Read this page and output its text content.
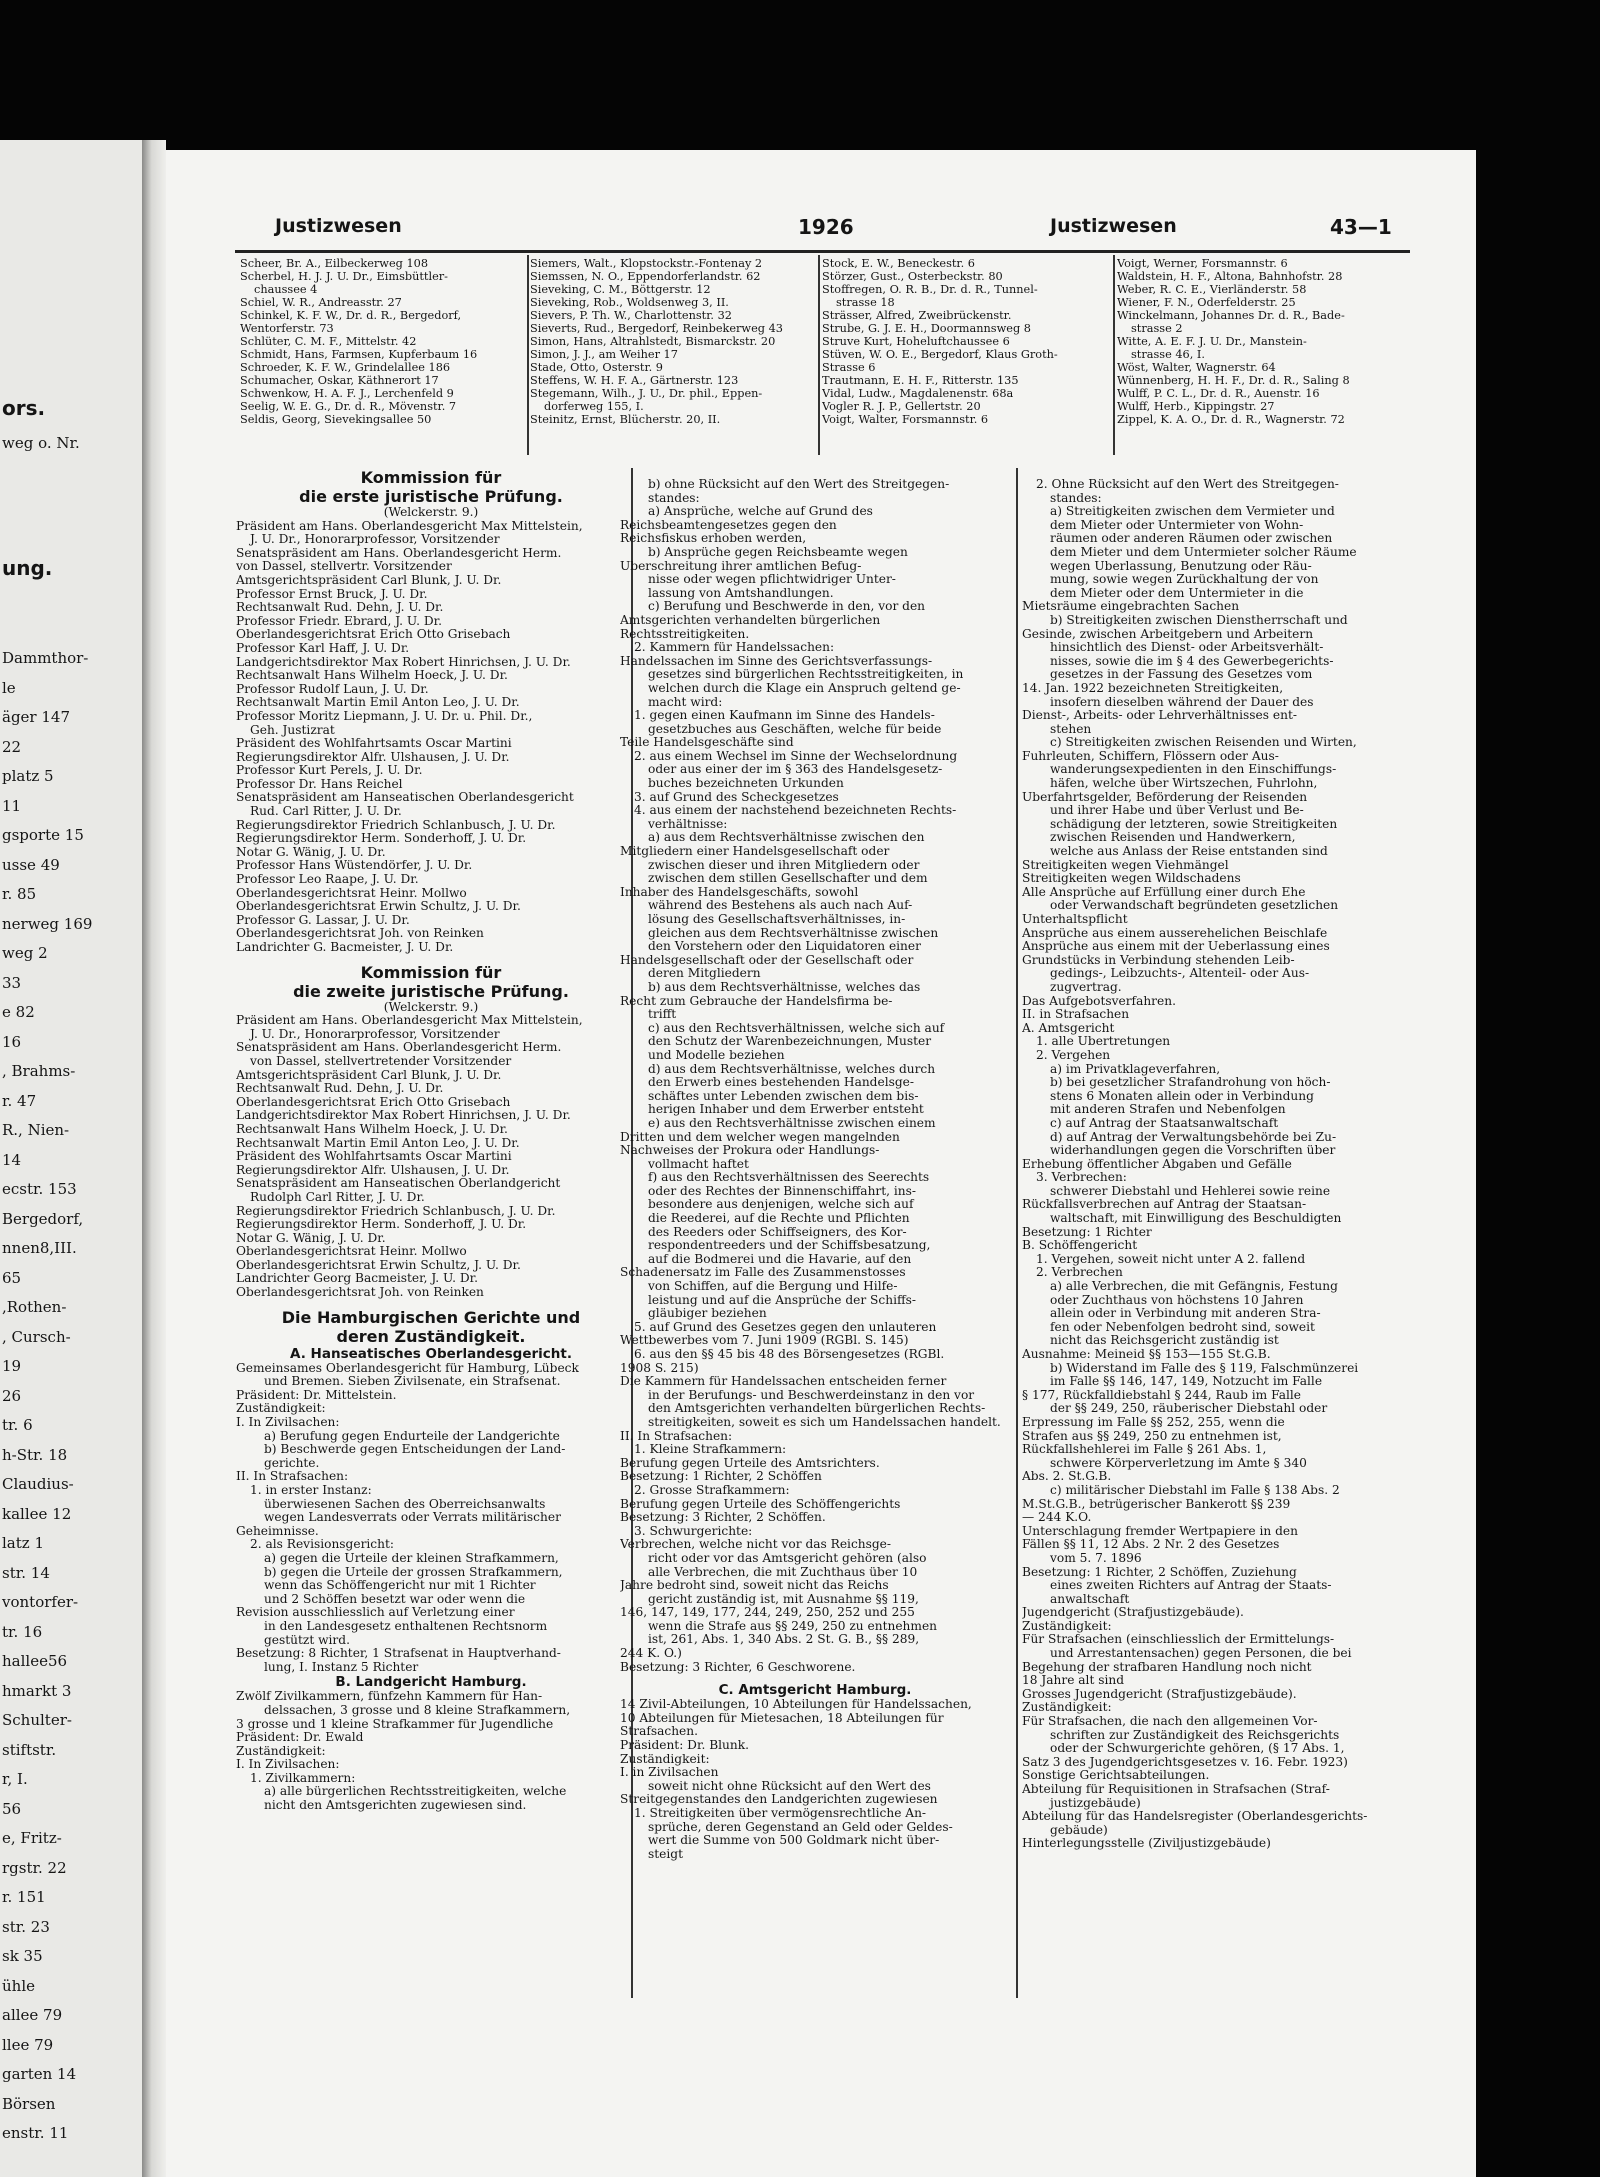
ors.
weg o. Nr.
ung.
Dammthor-
le
äger 147
22
platz 5
11
gsporte 15
usse 49
r. 85
nerweg 169
weg 2
33
e 82
16
, Brahms-
r. 47
R., Nien-
14
ecstr. 153
Bergedorf,
nnen8,III.
65
,Rothen-
, Cursch-
19
26
tr. 6
h-Str. 18
Claudius-
kallee 12
latz 1
str. 14
vontorfer-
tr. 16
hallee56
hmarkt 3
Schulter-
stiftstr.
r, I.
56
e, Fritz-
rgstr. 22
r. 151
str. 23
sk 35
ühle
allee 79
llee 79
garten 14
Börsen
enstr. 11
Justizwesen	1926	Justizwesen	43—1
Scheer, Br. A., Eilbeckerweg 108
Scherbel, H. J. J. U. Dr., Eimsbüttler-
chaussee 4
Schiel, W. R., Andreasstr. 27
Schinkel, K. F. W., Dr. d. R., Bergedorf,
Wentorferstr. 73
Schlüter, C. M. F., Mittelstr. 42
Schmidt, Hans, Farmsen, Kupferbaum 16
Schroeder, K. F. W., Grindelallee 186
Schumacher, Oskar, Käthnerort 17
Schwenkow, H. A. F. J., Lerchenfeld 9
Seelig, W. E. G., Dr. d. R., Mövenstr. 7
Seldis, Georg, Sievekingsallee 50
Siemers, Walt., Klopstockstr.-Fontenay 2
Siemssen, N. O., Eppendorferlandstr. 62
Sieveking, C. M., Böttgerstr. 12
Sieveking, Rob., Woldsenweg 3, II.
Sievers, P. Th. W., Charlottenstr. 32
Sieverts, Rud., Bergedorf, Reinbekerweg 43
Simon, Hans, Altrahlstedt, Bismarckstr. 20
Simon, J. J., am Weiher 17
Stade, Otto, Osterstr. 9
Steffens, W. H. F. A., Gärtnerstr. 123
Stegemann, Wilh., J. U., Dr. phil., Eppen-
dorferweg 155, I.
Steinitz, Ernst, Blücherstr. 20, II.
Stock, E. W., Beneckestr. 6
Störzer, Gust., Osterbeckstr. 80
Stoffregen, O. R. B., Dr. d. R., Tunnel-
strasse 18
Strässer, Alfred, Zweibrückenstr.
Strube, G. J. E. H., Doormannsweg 8
Struve Kurt, Hoheluftchaussee 6
Stüven, W. O. E., Bergedorf, Klaus Groth-
Strasse 6
Trautmann, E. H. F., Ritterstr. 135
Vidal, Ludw., Magdalenenstr. 68a
Vogler R. J. P., Gellertstr. 20
Voigt, Walter, Forsmannstr. 6
Voigt, Werner, Forsmannstr. 6
Waldstein, H. F., Altona, Bahnhofstr. 28
Weber, R. C. E., Vierländerstr. 58
Wiener, F. N., Oderfelderstr. 25
Winckelmann, Johannes Dr. d. R., Bade-
strasse 2
Witte, A. E. F. J. U. Dr., Manstein-
strasse 46, I.
Wöst, Walter, Wagnerstr. 64
Wünnenberg, H. H. F., Dr. d. R., Saling 8
Wulff, P. C. L., Dr. d. R., Auenstr. 16
Wulff, Herb., Kippingstr. 27
Zippel, K. A. O., Dr. d. R., Wagnerstr. 72
Kommission für
die erste juristische Prüfung.
(Welckerstr. 9.)
Präsident am Hans. Oberlandesgericht Max Mittelstein,
J. U. Dr., Honorarprofessor, Vorsitzender
Senatspräsident am Hans. Oberlandesgericht Herm.
von Dassel, stellvertr. Vorsitzender
Amtsgerichtspräsident Carl Blunk, J. U. Dr.
Professor Ernst Bruck, J. U. Dr.
Rechtsanwalt Rud. Dehn, J. U. Dr.
Professor Friedr. Ebrard, J. U. Dr.
Oberlandesgerichtsrat Erich Otto Grisebach
Professor Karl Haff, J. U. Dr.
Landgerichtsdirektor Max Robert Hinrichsen, J. U. Dr.
Rechtsanwalt Hans Wilhelm Hoeck, J. U. Dr.
Professor Rudolf Laun, J. U. Dr.
Rechtsanwalt Martin Emil Anton Leo, J. U. Dr.
Professor Moritz Liepmann, J. U. Dr. u. Phil. Dr.,
Geh. Justizrat
Präsident des Wohlfahrtsamts Oscar Martini
Regierungsdirektor Alfr. Ulshausen, J. U. Dr.
Professor Kurt Perels, J. U. Dr.
Professor Dr. Hans Reichel
Senatspräsident am Hanseatischen Oberlandesgericht
Rud. Carl Ritter, J. U. Dr.
Regierungsdirektor Friedrich Schlanbusch, J. U. Dr.
Regierungsdirektor Herm. Sonderhoff, J. U. Dr.
Notar G. Wänig, J. U. Dr.
Professor Hans Wüstendörfer, J. U. Dr.
Professor Leo Raape, J. U. Dr.
Oberlandesgerichtsrat Heinr. Mollwo
Oberlandesgerichtsrat Erwin Schultz, J. U. Dr.
Professor G. Lassar, J. U. Dr.
Oberlandesgerichtsrat Joh. von Reinken
Landrichter G. Bacmeister, J. U. Dr.
Kommission für
die zweite juristische Prüfung.
(Welckerstr. 9.)
Präsident am Hans. Oberlandesgericht Max Mittelstein,
J. U. Dr., Honorarprofessor, Vorsitzender
Senatspräsident am Hans. Oberlandesgericht Herm.
von Dassel, stellvertretender Vorsitzender
Amtsgerichtspräsident Carl Blunk, J. U. Dr.
Rechtsanwalt Rud. Dehn, J. U. Dr.
Oberlandesgerichtsrat Erich Otto Grisebach
Landgerichtsdirektor Max Robert Hinrichsen, J. U. Dr.
Rechtsanwalt Hans Wilhelm Hoeck, J. U. Dr.
Rechtsanwalt Martin Emil Anton Leo, J. U. Dr.
Präsident des Wohlfahrtsamts Oscar Martini
Regierungsdirektor Alfr. Ulshausen, J. U. Dr.
Senatspräsident am Hanseatischen Oberlandgericht
Rudolph Carl Ritter, J. U. Dr.
Regierungsdirektor Friedrich Schlanbusch, J. U. Dr.
Regierungsdirektor Herm. Sonderhoff, J. U. Dr.
Notar G. Wänig, J. U. Dr.
Oberlandesgerichtsrat Heinr. Mollwo
Oberlandesgerichtsrat Erwin Schultz, J. U. Dr.
Landrichter Georg Bacmeister, J. U. Dr.
Oberlandesgerichtsrat Joh. von Reinken
Die Hamburgischen Gerichte und
deren Zuständigkeit.
A. Hanseatisches Oberlandesgericht.
Gemeinsames Oberlandesgericht für Hamburg, Lübeck
und Bremen. Sieben Zivilsenate, ein Strafsenat.
Präsident: Dr. Mittelstein.
Zuständigkeit:
I. In Zivilsachen:
a) Berufung gegen Endurteile der Landgerichte
b) Beschwerde gegen Entscheidungen der Land-
gerichte.
II. In Strafsachen:
1. in erster Instanz:
überwiesenen Sachen des Oberreichsanwalts
wegen Landesverrats oder Verrats militärischer
Geheimnisse.
2. als Revisionsgericht:
a) gegen die Urteile der kleinen Strafkammern,
b) gegen die Urteile der grossen Strafkammern,
wenn das Schöffengericht nur mit 1 Richter
und 2 Schöffen besetzt war oder wenn die
Revision ausschliesslich auf Verletzung einer
in den Landesgesetz enthaltenen Rechtsnorm
gestützt wird.
Besetzung: 8 Richter, 1 Strafsenat in Hauptverhand-
lung, I. Instanz 5 Richter
B. Landgericht Hamburg.
Zwölf Zivilkammern, fünfzehn Kammern für Han-
delssachen, 3 grosse und 8 kleine Strafkammern,
3 grosse und 1 kleine Strafkammer für Jugendliche
Präsident: Dr. Ewald
Zuständigkeit:
I. In Zivilsachen:
1. Zivilkammern:
a) alle bürgerlichen Rechtsstreitigkeiten, welche
nicht den Amtsgerichten zugewiesen sind.
b) ohne Rücksicht auf den Wert des Streitgegen-
standes:
a) Ansprüche, welche auf Grund des
Reichsbeamtengesetzes gegen den
Reichsfiskus erhoben werden,
b) Ansprüche gegen Reichsbeamte wegen
Überschreitung ihrer amtlichen Befug-
nisse oder wegen pflichtwidriger Unter-
lassung von Amtshandlungen.
c) Berufung und Beschwerde in den, vor den
Amtsgerichten verhandelten bürgerlichen
Rechtsstreitigkeiten.
2. Kammern für Handelssachen:
Handelssachen im Sinne des Gerichtsverfassungs-
gesetzes sind bürgerlichen Rechtsstreitigkeiten, in
welchen durch die Klage ein Anspruch geltend ge-
macht wird:
1. gegen einen Kaufmann im Sinne des Handels-
gesetzbuches aus Geschäften, welche für beide
Teile Handelsgeschäfte sind
2. aus einem Wechsel im Sinne der Wechselordnung
oder aus einer der im § 363 des Handelsgesetz-
buches bezeichneten Urkunden
3. auf Grund des Scheckgesetzes
4. aus einem der nachstehend bezeichneten Rechts-
verhältnisse:
a) aus dem Rechtsverhältnisse zwischen den
Mitgliedern einer Handelsgesellschaft oder
zwischen dieser und ihren Mitgliedern oder
zwischen dem stillen Gesellschafter und dem
Inhaber des Handelsgeschäfts, sowohl
während des Bestehens als auch nach Auf-
lösung des Gesellschaftsverhältnisses, in-
gleichen aus dem Rechtsverhältnisse zwischen
den Vorstehern oder den Liquidatoren einer
Handelsgesellschaft oder der Gesellschaft oder
deren Mitgliedern
b) aus dem Rechtsverhältnisse, welches das
Recht zum Gebrauche der Handelsfirma be-
trifft
c) aus den Rechtsverhältnissen, welche sich auf
den Schutz der Warenbezeichnungen, Muster
und Modelle beziehen
d) aus dem Rechtsverhältnisse, welches durch
den Erwerb eines bestehenden Handelsge-
schäftes unter Lebenden zwischen dem bis-
herigen Inhaber und dem Erwerber entsteht
e) aus den Rechtsverhältnisse zwischen einem
Dritten und dem welcher wegen mangelnden
Nachweises der Prokura oder Handlungs-
vollmacht haftet
f) aus den Rechtsverhältnissen des Seerechts
oder des Rechtes der Binnenschiffahrt, ins-
besondere aus denjenigen, welche sich auf
die Reederei, auf die Rechte und Pflichten
des Reeders oder Schiffseigners, des Kor-
respondentreeders und der Schiffsbesatzung,
auf die Bodmerei und die Havarie, auf den
Schadenersatz im Falle des Zusammenstosses
von Schiffen, auf die Bergung und Hilfe-
leistung und auf die Ansprüche der Schiffs-
gläubiger beziehen
5. auf Grund des Gesetzes gegen den unlauteren
Wettbewerbes vom 7. Juni 1909 (RGBl. S. 145)
6. aus den §§ 45 bis 48 des Börsengesetzes (RGBl.
1908 S. 215)
Die Kammern für Handelssachen entscheiden ferner
in der Berufungs- und Beschwerdeinstanz in den vor
den Amtsgerichten verhandelten bürgerlichen Rechts-
streitigkeiten, soweit es sich um Handelssachen handelt.
II. In Strafsachen:
1. Kleine Strafkammern:
Berufung gegen Urteile des Amtsrichters.
Besetzung: 1 Richter, 2 Schöffen
2. Grosse Strafkammern:
Berufung gegen Urteile des Schöffengerichts
Besetzung: 3 Richter, 2 Schöffen.
3. Schwurgerichte:
Verbrechen, welche nicht vor das Reichsge-
richt oder vor das Amtsgericht gehören (also
alle Verbrechen, die mit Zuchthaus über 10
Jahre bedroht sind, soweit nicht das Reichs
gericht zuständig ist, mit Ausnahme §§ 119,
146, 147, 149, 177, 244, 249, 250, 252 und 255
wenn die Strafe aus §§ 249, 250 zu entnehmen
ist, 261, Abs. 1, 340 Abs. 2 St. G. B., §§ 289,
244 K. O.)
Besetzung: 3 Richter, 6 Geschworene.
C. Amtsgericht Hamburg.
14 Zivil-Abteilungen, 10 Abteilungen für Handelssachen,
10 Abteilungen für Mietesachen, 18 Abteilungen für
Strafsachen.
Präsident: Dr. Blunk.
Zuständigkeit:
I. in Zivilsachen
soweit nicht ohne Rücksicht auf den Wert des
Streitgegenstandes den Landgerichten zugewiesen
1. Streitigkeiten über vermögensrechtliche An-
sprüche, deren Gegenstand an Geld oder Geldes-
wert die Summe von 500 Goldmark nicht über-
steigt
2. Ohne Rücksicht auf den Wert des Streitgegen-
standes:
a) Streitigkeiten zwischen dem Vermieter und
dem Mieter oder Untermieter von Wohn-
räumen oder anderen Räumen oder zwischen
dem Mieter und dem Untermieter solcher Räume
wegen Überlassung, Benutzung oder Räu-
mung, sowie wegen Zurückhaltung der von
dem Mieter oder dem Untermieter in die
Mietsräume eingebrachten Sachen
b) Streitigkeiten zwischen Dienstherrschaft und
Gesinde, zwischen Arbeitgebern und Arbeitern
hinsichtlich des Dienst- oder Arbeitsverhält-
nisses, sowie die im § 4 des Gewerbegerichts-
gesetzes in der Fassung des Gesetzes vom
14. Jan. 1922 bezeichneten Streitigkeiten,
insofern dieselben während der Dauer des
Dienst-, Arbeits- oder Lehrverhältnisses ent-
stehen
c) Streitigkeiten zwischen Reisenden und Wirten,
Fuhrleuten, Schiffern, Flössern oder Aus-
wanderungsexpedienten in den Einschiffungs-
häfen, welche über Wirtszechen, Fuhrlohn,
Überfahrtsgelder, Beförderung der Reisenden
und ihrer Habe und über Verlust und Be-
schädigung der letzteren, sowie Streitigkeiten
zwischen Reisenden und Handwerkern,
welche aus Anlass der Reise entstanden sind
Streitigkeiten wegen Viehmängel
Streitigkeiten wegen Wildschadens
Alle Ansprüche auf Erfüllung einer durch Ehe
oder Verwandschaft begründeten gesetzlichen
Unterhaltspflicht
Ansprüche aus einem ausserehelichen Beischlafe
Ansprüche aus einem mit der Ueberlassung eines
Grundstücks in Verbindung stehenden Leib-
gedings-, Leibzuchts-, Altenteil- oder Aus-
zugvertrag.
Das Aufgebotsverfahren.
II. in Strafsachen
A. Amtsgericht
1. alle Übertretungen
2. Vergehen
a) im Privatklageverfahren,
b) bei gesetzlicher Strafandrohung von höch-
stens 6 Monaten allein oder in Verbindung
mit anderen Strafen und Nebenfolgen
c) auf Antrag der Staatsanwaltschaft
d) auf Antrag der Verwaltungsbehörde bei Zu-
widerhandlungen gegen die Vorschriften über
Erhebung öffentlicher Abgaben und Gefälle
3. Verbrechen:
schwerer Diebstahl und Hehlerei sowie reine
Rückfallsverbrechen auf Antrag der Staatsan-
waltschaft, mit Einwilligung des Beschuldigten
Besetzung: 1 Richter
B. Schöffengericht
1. Vergehen, soweit nicht unter A 2. fallend
2. Verbrechen
a) alle Verbrechen, die mit Gefängnis, Festung
oder Zuchthaus von höchstens 10 Jahren
allein oder in Verbindung mit anderen Stra-
fen oder Nebenfolgen bedroht sind, soweit
nicht das Reichsgericht zuständig ist
Ausnahme: Meineid §§ 153—155 St.G.B.
b) Widerstand im Falle des § 119, Falschmünzerei
im Falle §§ 146, 147, 149, Notzucht im Falle
§ 177, Rückfalldiebstahl § 244, Raub im Falle
der §§ 249, 250, räuberischer Diebstahl oder
Erpressung im Falle §§ 252, 255, wenn die
Strafen aus §§ 249, 250 zu entnehmen ist,
Rückfallshehlerei im Falle § 261 Abs. 1,
schwere Körperverletzung im Amte § 340
Abs. 2. St.G.B.
c) militärischer Diebstahl im Falle § 138 Abs. 2
M.St.G.B., betrügerischer Bankerott §§ 239
— 244 K.O.
Unterschlagung fremder Wertpapiere in den
Fällen §§ 11, 12 Abs. 2 Nr. 2 des Gesetzes
vom 5. 7. 1896
Besetzung: 1 Richter, 2 Schöffen, Zuziehung
eines zweiten Richters auf Antrag der Staats-
anwaltschaft
Jugendgericht (Strafjustizgebäude).
Zuständigkeit:
Für Strafsachen (einschliesslich der Ermittelungs-
und Arrestantensachen) gegen Personen, die bei
Begehung der strafbaren Handlung noch nicht
18 Jahre alt sind
Grosses Jugendgericht (Strafjustizgebäude).
Zuständigkeit:
Für Strafsachen, die nach den allgemeinen Vor-
schriften zur Zuständigkeit des Reichsgerichts
oder der Schwurgerichte gehören, (§ 17 Abs. 1,
Satz 3 des Jugendgerichtsgesetzes v. 16. Febr. 1923)
Sonstige Gerichtsabteilungen.
Abteilung für Requisitionen in Strafsachen (Straf-
justizgebäude)
Abteilung für das Handelsregister (Oberlandesgerichts-
gebäude)
Hinterlegungsstelle (Ziviljustizgebäude)
